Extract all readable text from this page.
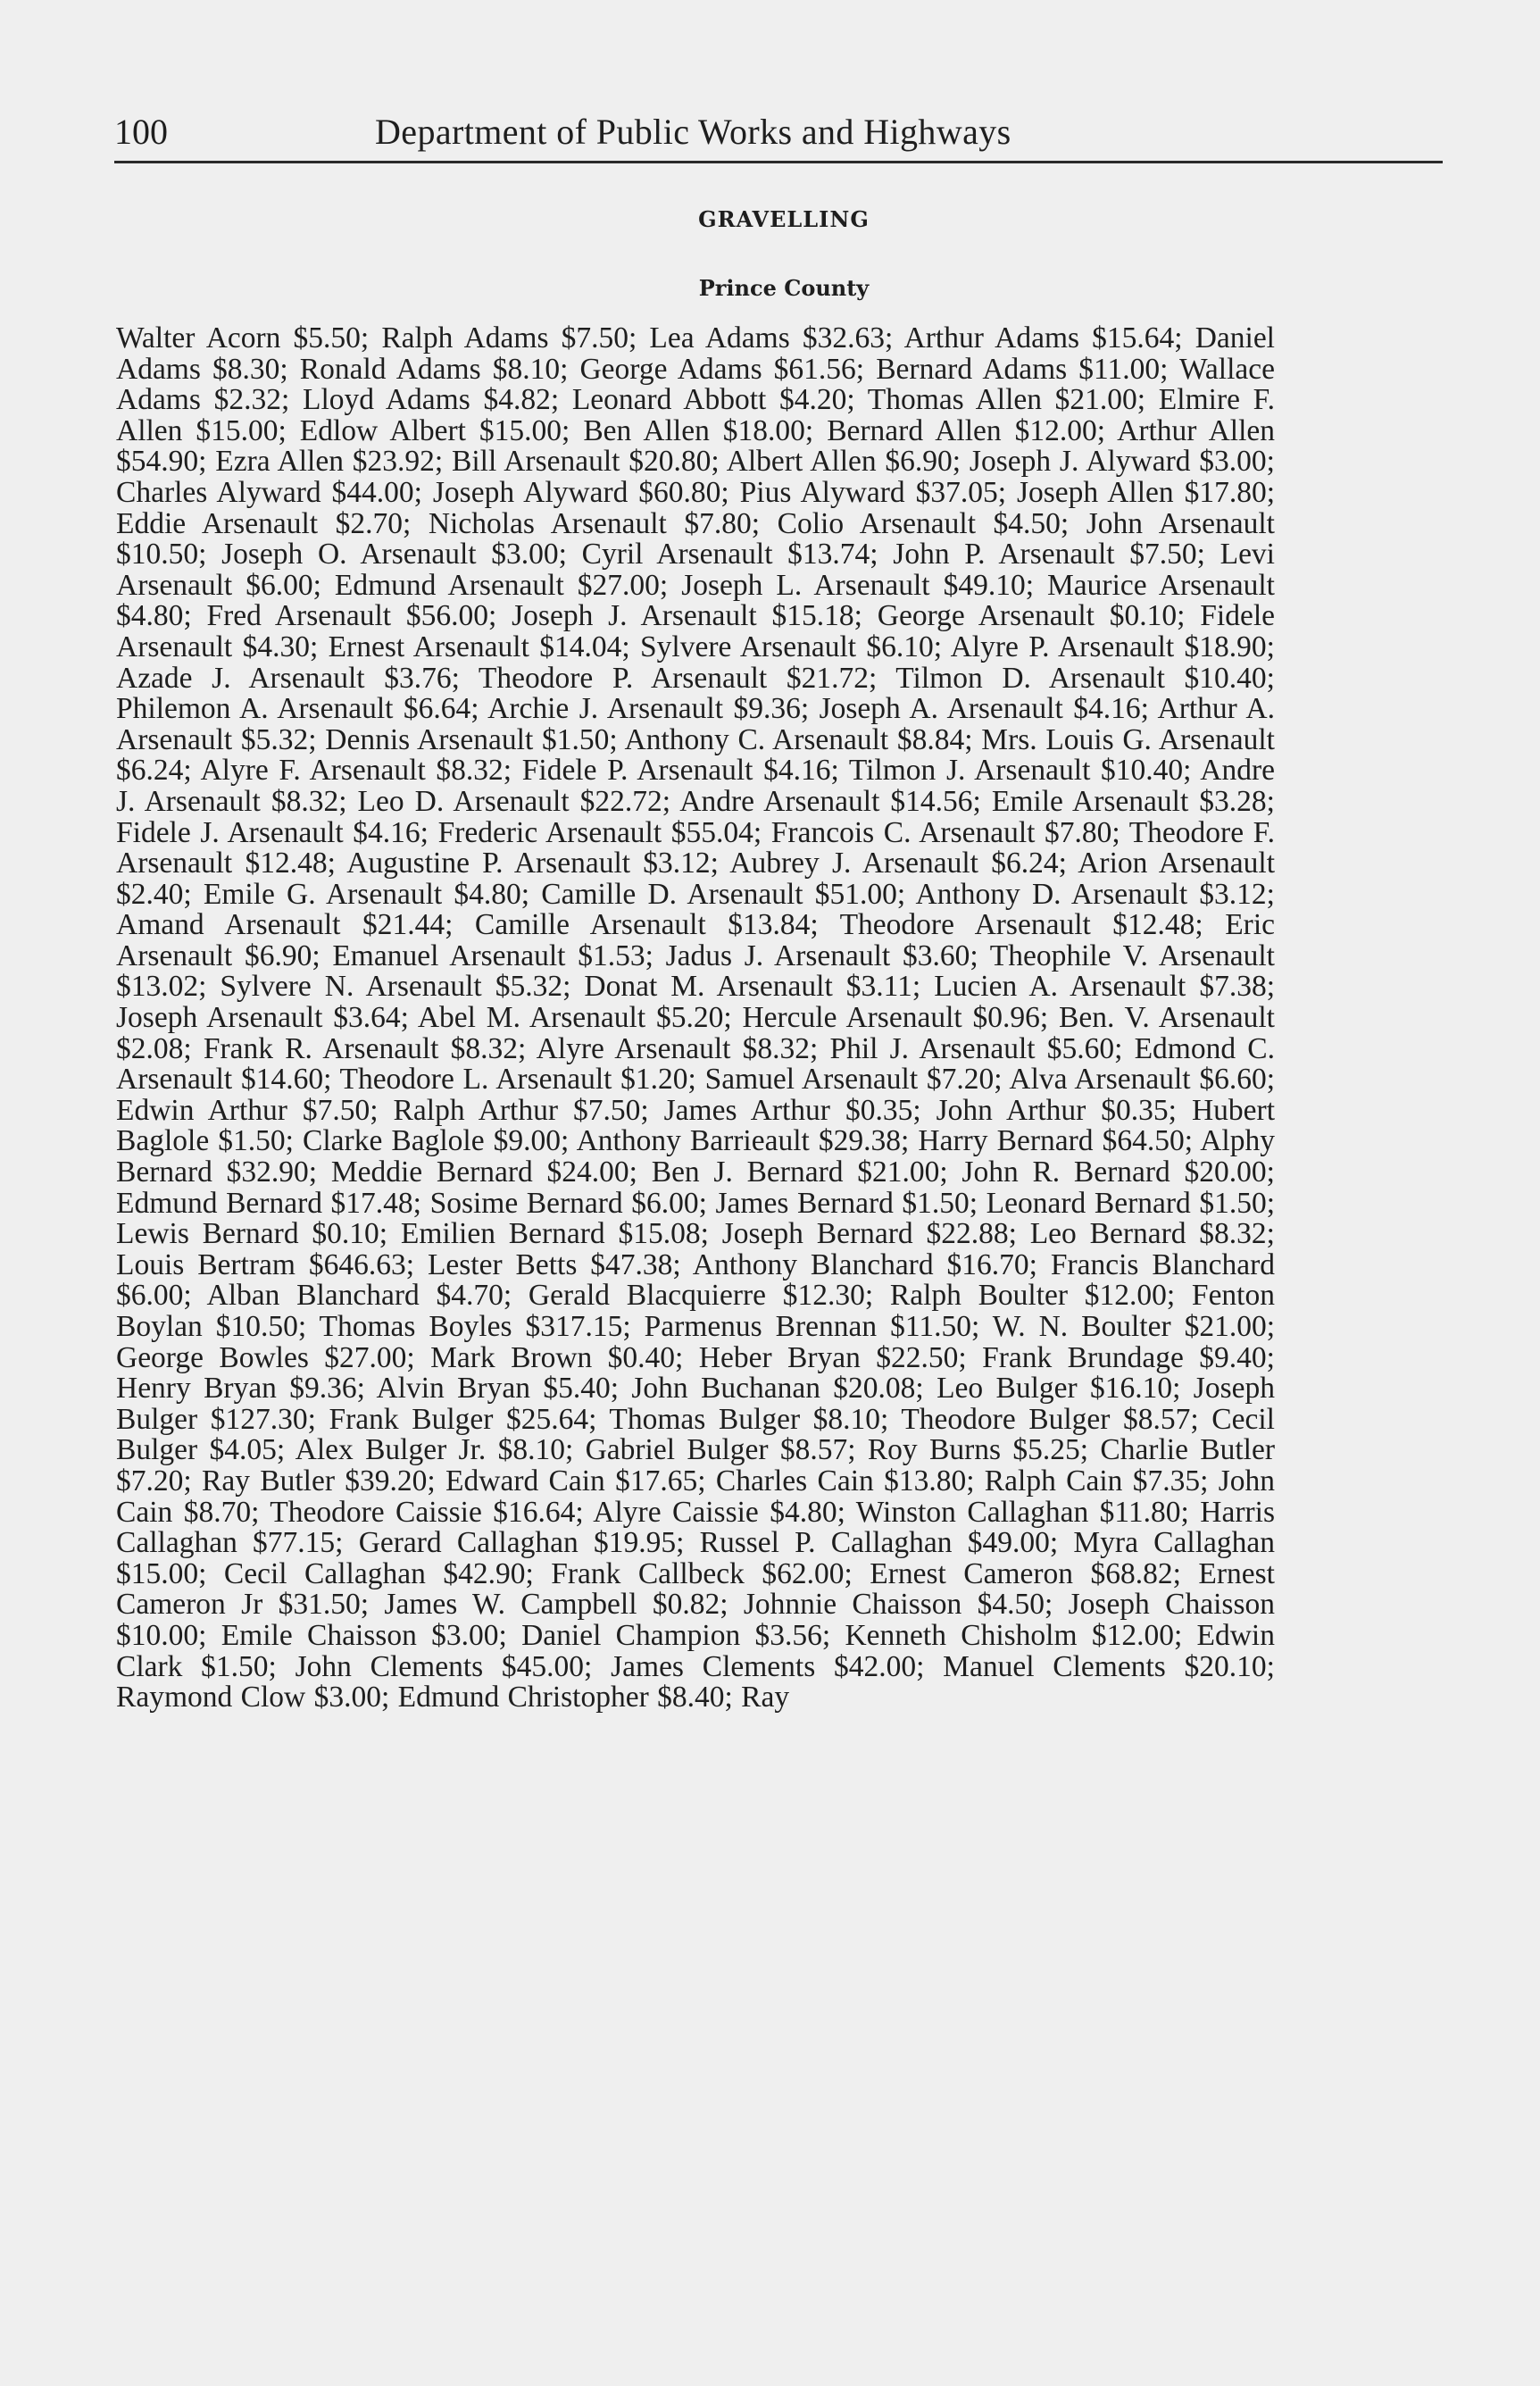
100	Department of Public Works and Highways
GRAVELLING
Prince County
Walter Acorn $5.50; Ralph Adams $7.50; Lea Adams $32.63; Arthur Adams $15.64; Daniel Adams $8.30; Ronald Adams $8.10; George Adams $61.56; Bernard Adams $11.00; Wallace Adams $2.32; Lloyd Adams $4.82; Leonard Abbott $4.20; Thomas Allen $21.00; Elmire F. Allen $15.00; Edlow Albert $15.00; Ben Allen $18.00; Bernard Allen $12.00; Arthur Allen $54.90; Ezra Allen $23.92; Bill Arsenault $20.80; Albert Allen $6.90; Joseph J. Alyward $3.00; Charles Alyward $44.00; Joseph Alyward $60.80; Pius Alyward $37.05; Joseph Allen $17.80; Eddie Arsenault $2.70; Nicholas Arsenault $7.80; Colio Arsenault $4.50; John Arsenault $10.50; Joseph O. Arsenault $3.00; Cyril Arsenault $13.74; John P. Arsenault $7.50; Levi Arsenault $6.00; Edmund Arsenault $27.00; Joseph L. Arsenault $49.10; Maurice Arsenault $4.80; Fred Arsenault $56.00; Joseph J. Arsenault $15.18; George Arsenault $0.10; Fidele Arsenault $4.30; Ernest Arsenault $14.04; Sylvere Arsenault $6.10; Alyre P. Arsenault $18.90; Azade J. Arsenault $3.76; Theodore P. Arsenault $21.72; Tilmon D. Arsenault $10.40; Philemon A. Arsenault $6.64; Archie J. Arsenault $9.36; Joseph A. Arsenault $4.16; Arthur A. Arsenault $5.32; Dennis Arsenault $1.50; Anthony C. Arsenault $8.84; Mrs. Louis G. Arsenault $6.24; Alyre F. Arsenault $8.32; Fidele P. Arsenault $4.16; Tilmon J. Arsenault $10.40; Andre J. Arsenault $8.32; Leo D. Arsenault $22.72; Andre Arsenault $14.56; Emile Arsenault $3.28; Fidele J. Arsenault $4.16; Frederic Arsenault $55.04; Francois C. Arsenault $7.80; Theodore F. Arsenault $12.48; Augustine P. Arsenault $3.12; Aubrey J. Arsenault $6.24; Arion Arsenault $2.40; Emile G. Arsenault $4.80; Camille D. Arsenault $51.00; Anthony D. Arsenault $3.12; Amand Arsenault $21.44; Camille Arsenault $13.84; Theodore Arsenault $12.48; Eric Arsenault $6.90; Emanuel Arsenault $1.53; Jadus J. Arsenault $3.60; Theophile V. Arsenault $13.02; Sylvere N. Arsenault $5.32; Donat M. Arsenault $3.11; Lucien A. Arsenault $7.38; Joseph Arsenault $3.64; Abel M. Arsenault $5.20; Hercule Arsenault $0.96; Ben. V. Arsenault $2.08; Frank R. Arsenault $8.32; Alyre Arsenault $8.32; Phil J. Arsenault $5.60; Edmond C. Arsenault $14.60; Theodore L. Arsenault $1.20; Samuel Arsenault $7.20; Alva Arsenault $6.60; Edwin Arthur $7.50; Ralph Arthur $7.50; James Arthur $0.35; John Arthur $0.35; Hubert Baglole $1.50; Clarke Baglole $9.00; Anthony Barrieault $29.38; Harry Bernard $64.50; Alphy Bernard $32.90; Meddie Bernard $24.00; Ben J. Bernard $21.00; John R. Bernard $20.00; Edmund Bernard $17.48; Sosime Bernard $6.00; James Bernard $1.50; Leonard Bernard $1.50; Lewis Bernard $0.10; Emilien Bernard $15.08; Joseph Bernard $22.88; Leo Bernard $8.32; Louis Bertram $646.63; Lester Betts $47.38; Anthony Blanchard $16.70; Francis Blanchard $6.00; Alban Blanchard $4.70; Gerald Blacquierre $12.30; Ralph Boulter $12.00; Fenton Boylan $10.50; Thomas Boyles $317.15; Parmenus Brennan $11.50; W. N. Boulter $21.00; George Bowles $27.00; Mark Brown $0.40; Heber Bryan $22.50; Frank Brundage $9.40; Henry Bryan $9.36; Alvin Bryan $5.40; John Buchanan $20.08; Leo Bulger $16.10; Joseph Bulger $127.30; Frank Bulger $25.64; Thomas Bulger $8.10; Theodore Bulger $8.57; Cecil Bulger $4.05; Alex Bulger Jr. $8.10; Gabriel Bulger $8.57; Roy Burns $5.25; Charlie Butler $7.20; Ray Butler $39.20; Edward Cain $17.65; Charles Cain $13.80; Ralph Cain $7.35; John Cain $8.70; Theodore Caissie $16.64; Alyre Caissie $4.80; Winston Callaghan $11.80; Harris Callaghan $77.15; Gerard Callaghan $19.95; Russel P. Callaghan $49.00; Myra Callaghan $15.00; Cecil Callaghan $42.90; Frank Callbeck $62.00; Ernest Cameron $68.82; Ernest Cameron Jr $31.50; James W. Campbell $0.82; Johnnie Chaisson $4.50; Joseph Chaisson $10.00; Emile Chaisson $3.00; Daniel Champion $3.56; Kenneth Chisholm $12.00; Edwin Clark $1.50; John Clements $45.00; James Clements $42.00; Manuel Clements $20.10; Raymond Clow $3.00; Edmund Christopher $8.40; Ray
